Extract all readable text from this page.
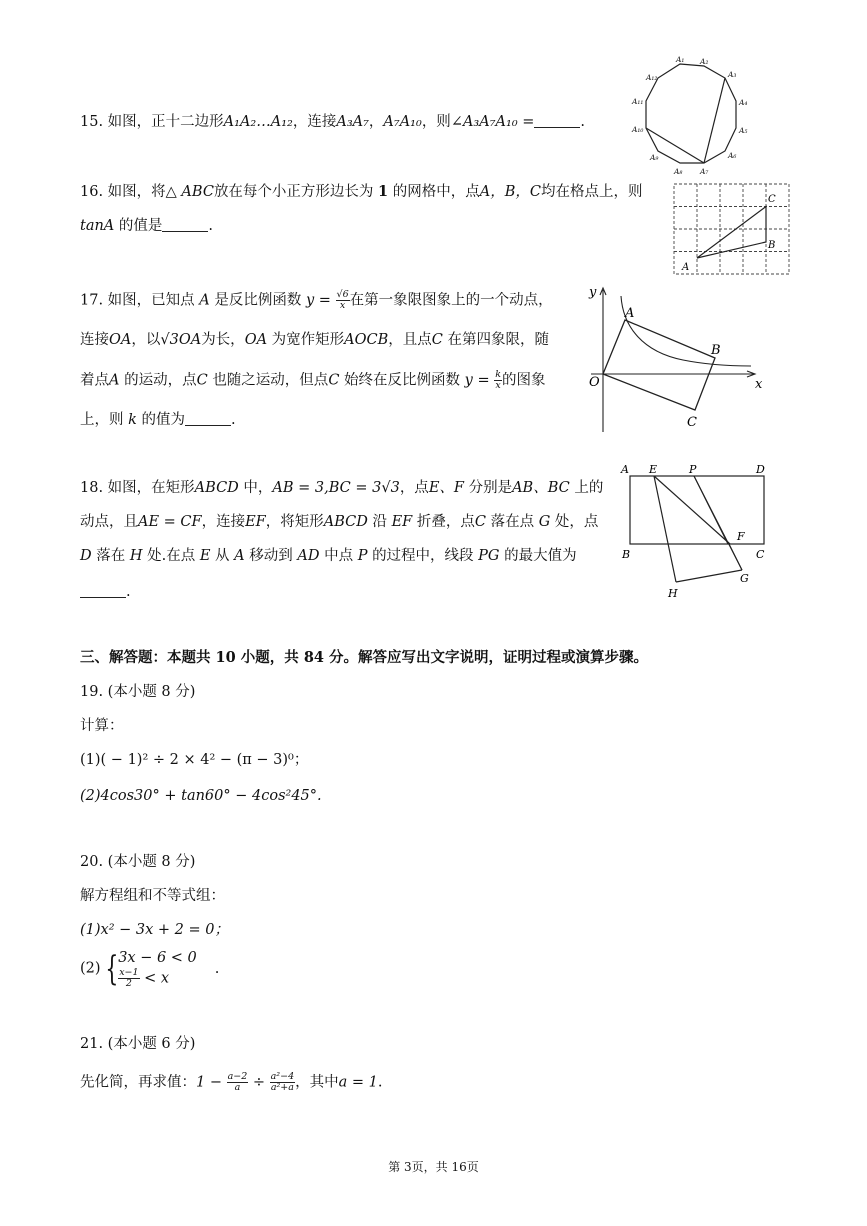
15. 如图，正十二边形A₁A₂…A₁₂，连接A₃A₇，A₇A₁₀，则∠A₃A₇A₁₀ =	.
A₁ A₂
A₃
A₄
A₅
A₆
A₇
A₈
A₉
A₁₀
A₁₁
A₁₂
16. 如图，将△ ABC放在每个小正方形边长为 1 的网格中，点A，B，C均在格点上，则
tanA 的值是	.
A
B
C
17. 如图，已知点 A 是反比例函数 $y = \frac{√6}{x}$ 在第一象限图象上的一个动点，
连接OA，以√3OA为长，OA 为宽作矩形AOCB，且点C 在第四象限，随
着点A 的运动，点C 也随之运动，但点C 始终在反比例函数 $y = \frac{k}{x}$ 的图象
上，则 k 的值为	.
y
x
O
A
B
C
18. 如图，在矩形ABCD 中，AB = 3,BC = 3√3，点E、F 分别是AB、BC 上的
动点，且AE = CF，连接EF，将矩形ABCD 沿 EF 折叠，点C 落在点 G 处，点
D 落在 H 处.在点 E 从 A 移动到 AD 中点 P 的过程中，线段 PG 的最大值为
.
A E	P	D
F
B	C
G
H
三、解答题：本题共 10 小题，共 84 分。解答应写出文字说明，证明过程或演算步骤。
19. (本小题 8 分)
计算：
(1)( − 1)² ÷ 2 × 4² − (π − 3)⁰；
(2)4cos30° + tan60° − 4cos²45°.
20. (本小题 8 分)
解方程组和不等式组：
(1)x² − 3x + 2 = 0；
(2) { 3x − 6 < 0
$\frac{x-1}{2} < x$
.
21. (本小题 6 分)
先化简，再求值：$1 - \frac{a-2}{a} \div \frac{\text{a²−4}}{\text{a²+a}}$ ，其中a = 1.
第 3页，共 16页
